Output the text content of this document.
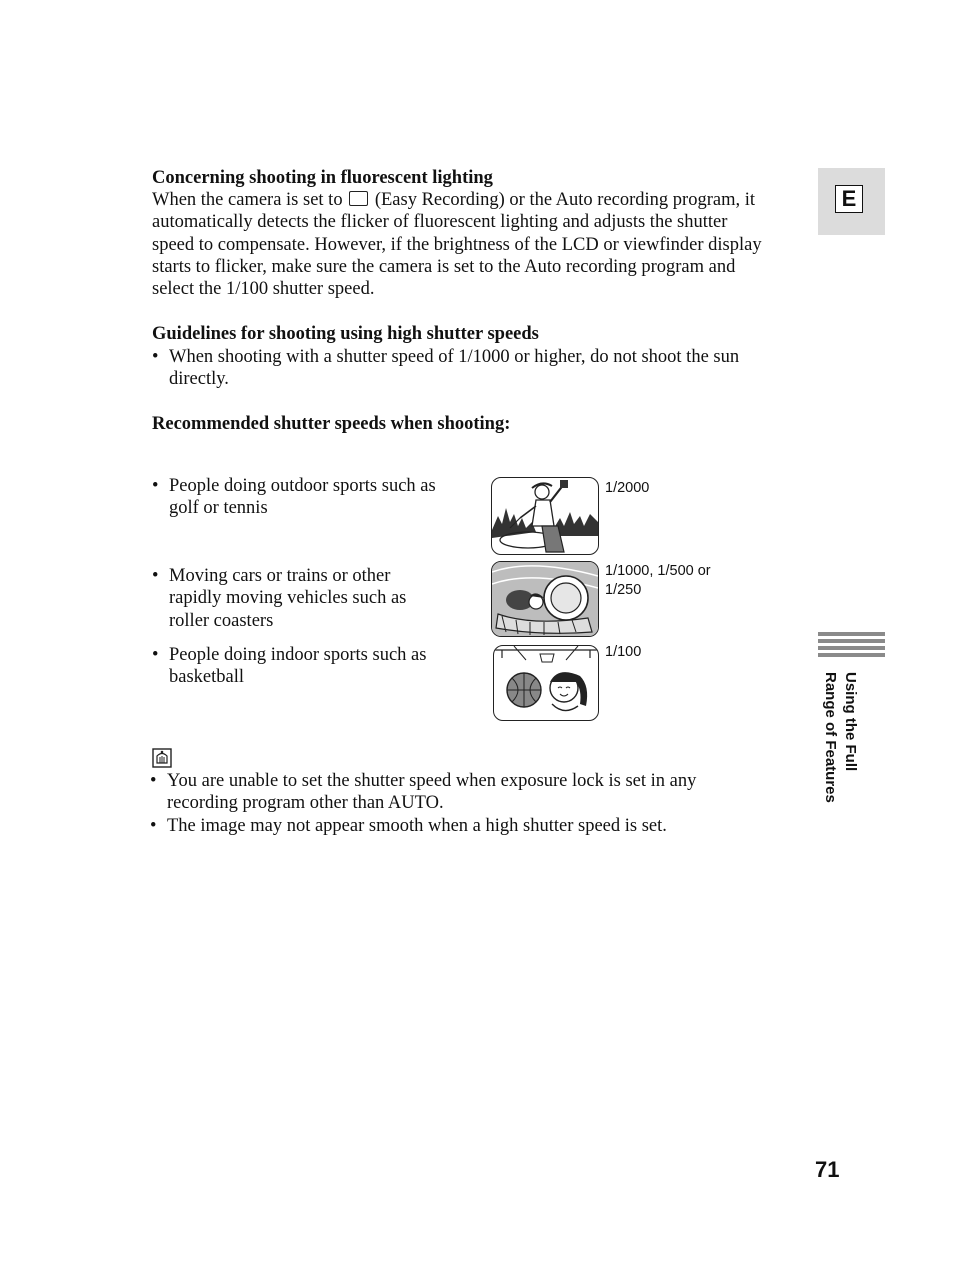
Concerning shooting in fluorescent lighting
When the camera is set to (Easy Recording) or the Auto recording program, it
automatically detects the flicker of fluorescent lighting and adjusts the shutter
speed to compensate. However, if the brightness of the LCD or viewfinder display
starts to flicker, make sure the camera is set to the Auto recording program and
select the 1/100 shutter speed.
Guidelines for shooting using high shutter speeds
• When shooting with a shutter speed of 1/1000 or higher, do not shoot the sun
directly.
Recommended shutter speeds when shooting:
• People doing outdoor sports such as
golf or tennis
• Moving cars or trains or other
rapidly moving vehicles such as
roller coasters
• People doing indoor sports such as
basketball
1/2000
1/1000, 1/500 or
1/250
1/100
• You are unable to set the shutter speed when exposure lock is set in any
recording program other than AUTO.
• The image may not appear smooth when a high shutter speed is set.
E
Using the Full
Range of Features
71
